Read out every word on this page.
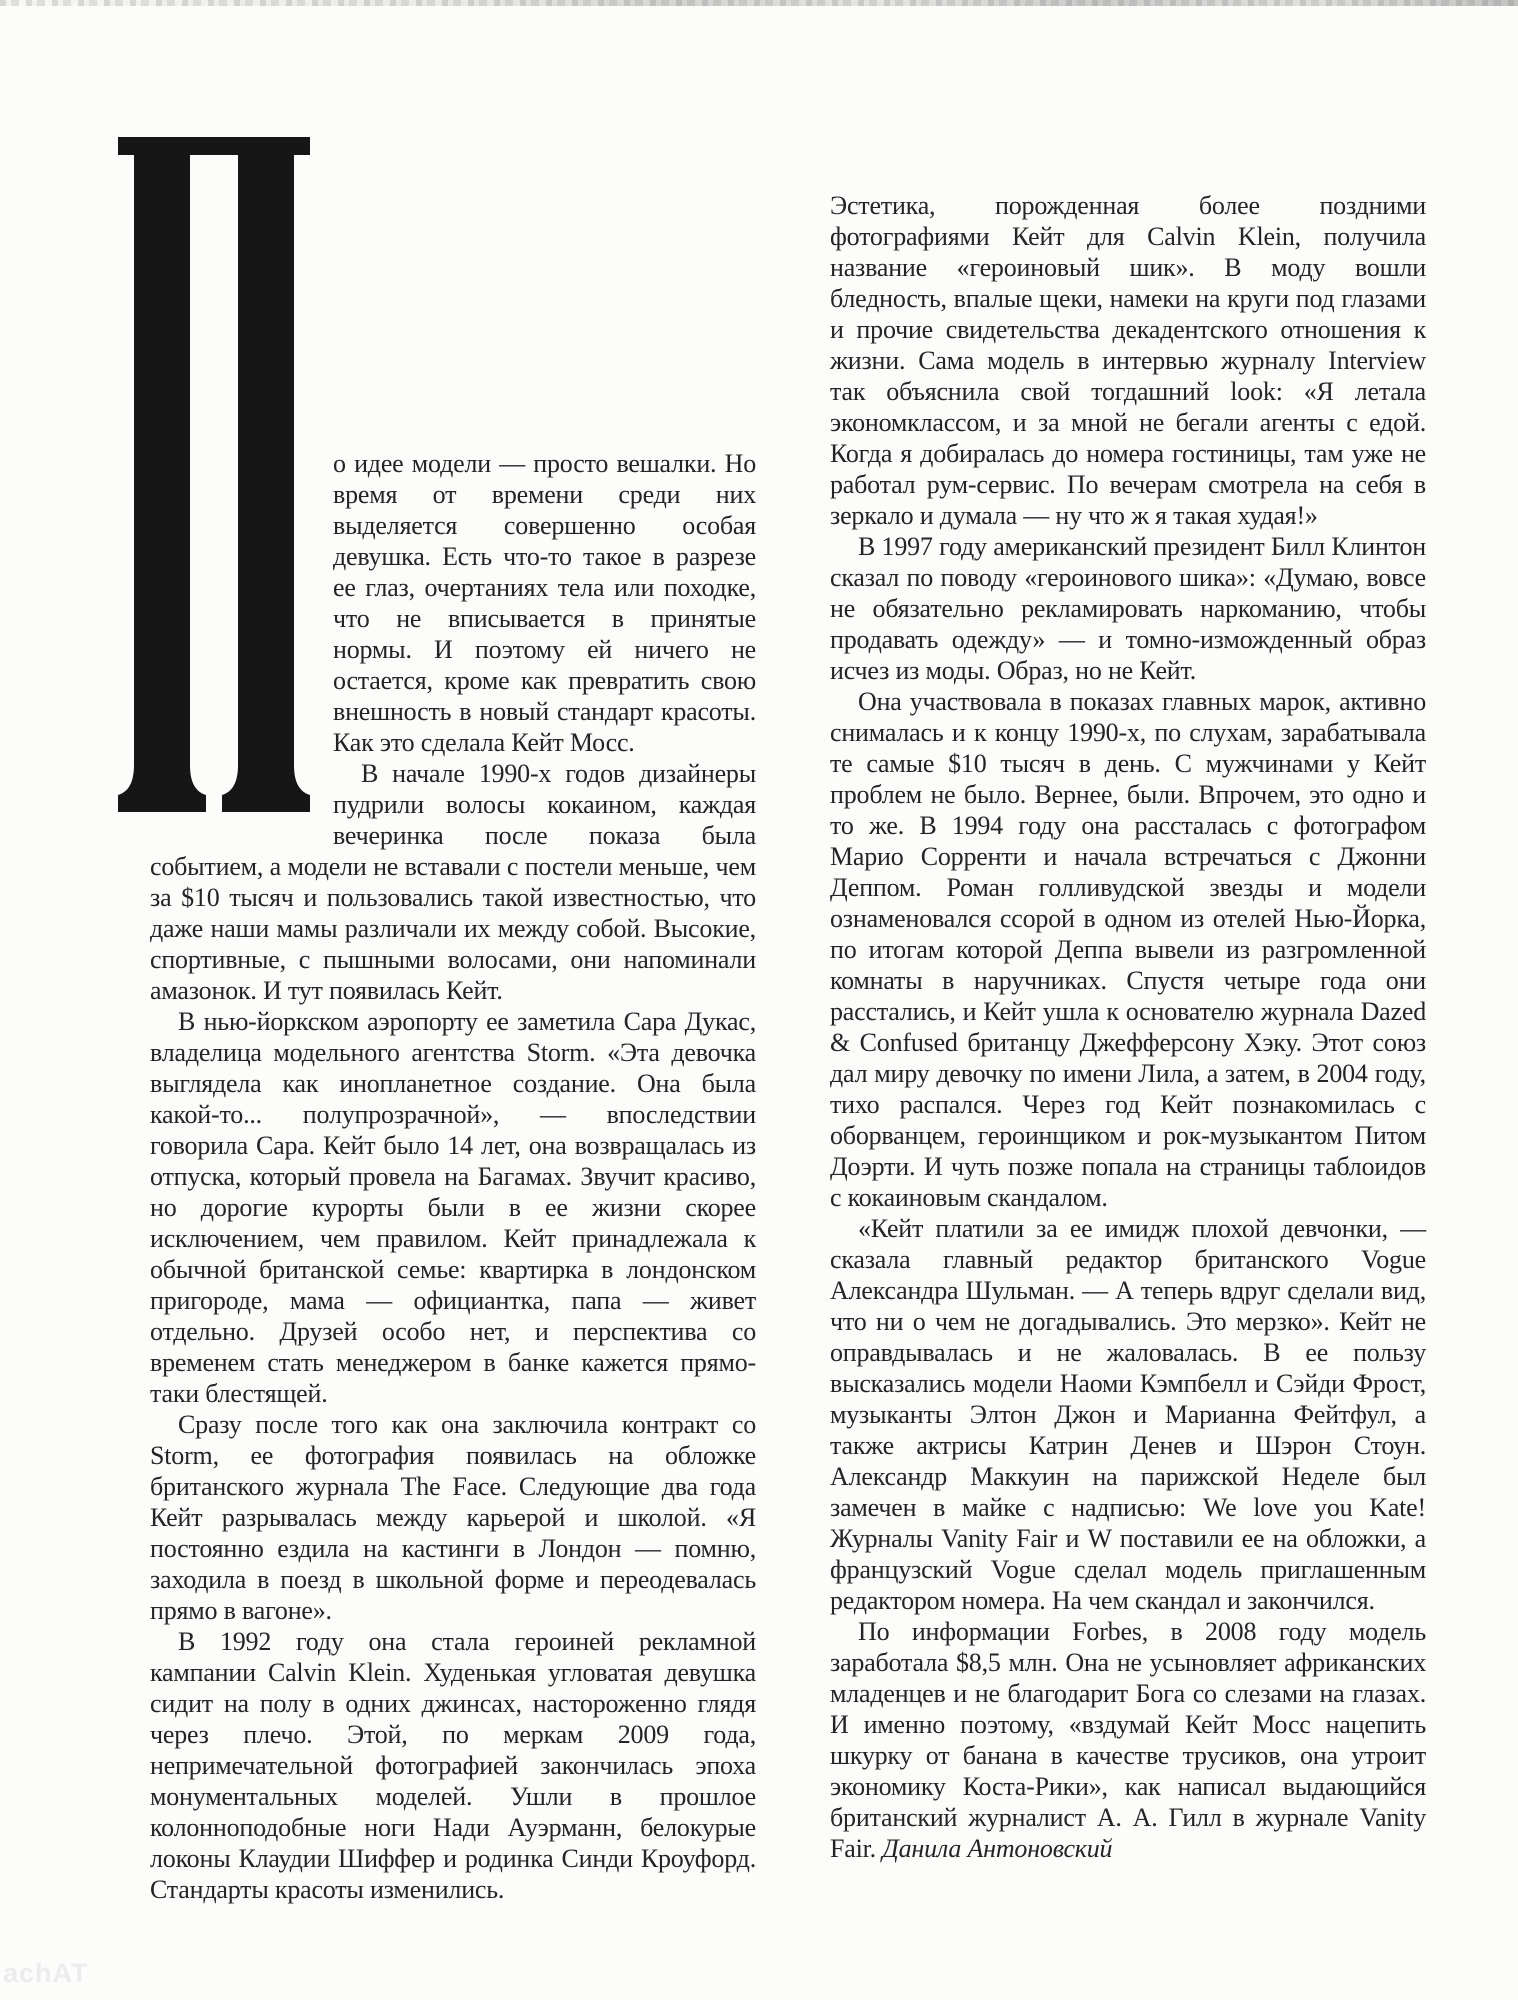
о идее модели — просто вешалки. Но время от времени среди них выделяется совершенно особая девушка. Есть что-то такое в разрезе ее глаз, очертаниях тела или походке, что не вписывается в принятые нормы. И поэтому ей ничего не остается, кроме как превратить свою внешность в новый стандарт красоты. Как это сделала Кейт Мосс.

В начале 1990-х годов дизайнеры пудрили волосы кокаином, каждая вечеринка после показа была событием, а модели не вставали с постели меньше, чем за $10 тысяч и пользовались такой известностью, что даже наши мамы различали их между собой. Высокие, спортивные, с пышными волосами, они напоминали амазонок. И тут появилась Кейт.

В нью-йоркском аэропорту ее заметила Сара Дукас, владелица модельного агентства Storm. «Эта девочка выглядела как инопланетное создание. Она была какой-то... полупрозрачной», — впоследствии говорила Сара. Кейт было 14 лет, она возвращалась из отпуска, который провела на Багамах. Звучит красиво, но дорогие курорты были в ее жизни скорее исключением, чем правилом. Кейт принадлежала к обычной британской семье: квартирка в лондонском пригороде, мама — официантка, папа — живет отдельно. Друзей особо нет, и перспектива со временем стать менеджером в банке кажется прямо-таки блестящей.

Сразу после того как она заключила контракт со Storm, ее фотография появилась на обложке британского журнала The Face. Следующие два года Кейт разрывалась между карьерой и школой. «Я постоянно ездила на кастинги в Лондон — помню, заходила в поезд в школьной форме и переодевалась прямо в вагоне».

В 1992 году она стала героиней рекламной кампании Calvin Klein. Худенькая угловатая девушка сидит на полу в одних джинсах, настороженно глядя через плечо. Этой, по меркам 2009 года, непримечательной фотографией закончилась эпоха монументальных моделей. Ушли в прошлое колонноподобные ноги Нади Ауэрманн, белокурые локоны Клаудии Шиффер и родинка Синди Кроуфорд. Стандарты красоты изменились.

Эстетика, порожденная более поздними фотографиями Кейт для Calvin Klein, получила название «героиновый шик». В моду вошли бледность, впалые щеки, намеки на круги под глазами и прочие свидетельства декадентского отношения к жизни. Сама модель в интервью журналу Interview так объяснила свой тогдашний look: «Я летала экономклассом, и за мной не бегали агенты с едой. Когда я добиралась до номера гостиницы, там уже не работал рум-сервис. По вечерам смотрела на себя в зеркало и думала — ну что ж я такая худая!»

В 1997 году американский президент Билл Клинтон сказал по поводу «героинового шика»: «Думаю, вовсе не обязательно рекламировать наркоманию, чтобы продавать одежду» — и томно-изможденный образ исчез из моды. Образ, но не Кейт.

Она участвовала в показах главных марок, активно снималась и к концу 1990-х, по слухам, зарабатывала те самые $10 тысяч в день. С мужчинами у Кейт проблем не было. Вернее, были. Впрочем, это одно и то же. В 1994 году она рассталась с фотографом Марио Сорренти и начала встречаться с Джонни Деппом. Роман голливудской звезды и модели ознаменовался ссорой в одном из отелей Нью-Йорка, по итогам которой Деппа вывели из разгромленной комнаты в наручниках. Спустя четыре года они расстались, и Кейт ушла к основателю журнала Dazed & Confused британцу Джефферсону Хэку. Этот союз дал миру девочку по имени Лила, а затем, в 2004 году, тихо распался. Через год Кейт познакомилась с оборванцем, героинщиком и рок-музыкантом Питом Доэрти. И чуть позже попала на страницы таблоидов с кокаиновым скандалом.

«Кейт платили за ее имидж плохой девчонки, — сказала главный редактор британского Vogue Александра Шульман. — А теперь вдруг сделали вид, что ни о чем не догадывались. Это мерзко». Кейт не оправдывалась и не жаловалась. В ее пользу высказались модели Наоми Кэмпбелл и Сэйди Фрост, музыканты Элтон Джон и Марианна Фейтфул, а также актрисы Катрин Денев и Шэрон Стоун. Александр Маккуин на парижской Неделе был замечен в майке с надписью: We love you Kate! Журналы Vanity Fair и W поставили ее на обложки, а французский Vogue сделал модель приглашенным редактором номера. На чем скандал и закончился.

По информации Forbes, в 2008 году модель заработала $8,5 млн. Она не усыновляет африканских младенцев и не благодарит Бога со слезами на глазах. И именно поэтому, «вздумай Кейт Мосс нацепить шкурку от банана в качестве трусиков, она утроит экономику Коста-Рики», как написал выдающийся британский журналист А. А. Гилл в журнале Vanity Fair. Данила Антоновский

achAT
